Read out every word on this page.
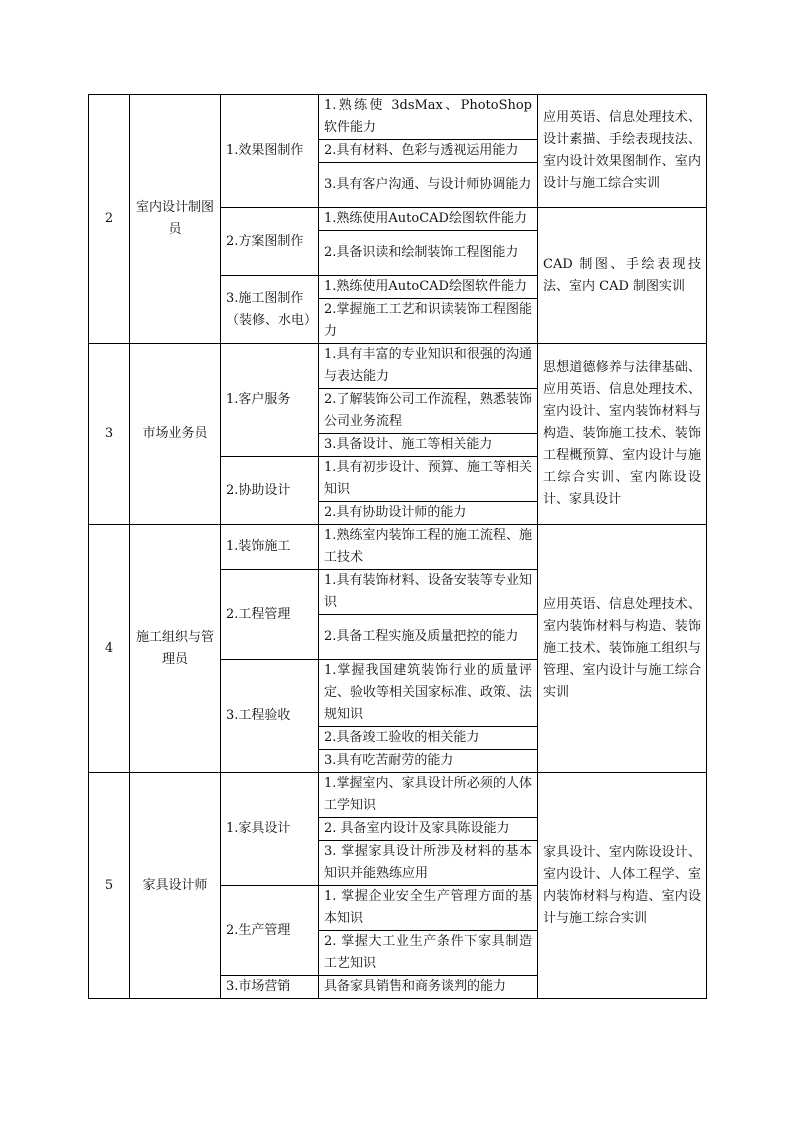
2	室内设计制图员	1.效果图制作	1.熟练使 3dsMax、PhotoShop 软件能力	应用英语、信息处理技术、设计素描、手绘表现技法、室内设计效果图制作、室内设计与施工综合实训
			2.具有材料、色彩与透视运用能力	
			3.具有客户沟通、与设计师协调能力	
		2.方案图制作	1.熟练使用AutoCAD绘图软件能力	CAD 制图、手绘表现技法、室内 CAD 制图实训
			2.具备识读和绘制装饰工程图能力	
		3.施工图制作（装修、水电）	1.熟练使用AutoCAD绘图软件能力	
			2.掌握施工工艺和识读装饰工程图能力	
3	市场业务员	1.客户服务	1.具有丰富的专业知识和很强的沟通与表达能力	思想道德修养与法律基础、应用英语、信息处理技术、室内设计、室内装饰材料与构造、装饰施工技术、装饰工程概预算、室内设计与施工综合实训、室内陈设设计、家具设计
			2.了解装饰公司工作流程，熟悉装饰公司业务流程	
			3.具备设计、施工等相关能力	
		2.协助设计	1.具有初步设计、预算、施工等相关知识	
			2.具有协助设计师的能力	
4	施工组织与管理员	1.装饰施工	1.熟练室内装饰工程的施工流程、施工技术	应用英语、信息处理技术、室内装饰材料与构造、装饰施工技术、装饰施工组织与管理、室内设计与施工综合实训
		2.工程管理	1.具有装饰材料、设备安装等专业知识	
			2.具备工程实施及质量把控的能力	
		3.工程验收	1.掌握我国建筑装饰行业的质量评定、验收等相关国家标准、政策、法规知识	
			2.具备竣工验收的相关能力	
			3.具有吃苦耐劳的能力	
5	家具设计师	1.家具设计	1.掌握室内、家具设计所必须的人体工学知识	家具设计、室内陈设设计、室内设计、人体工程学、室内装饰材料与构造、室内设计与施工综合实训
			2. 具备室内设计及家具陈设能力	
			3. 掌握家具设计所涉及材料的基本知识并能熟练应用	
		2.生产管理	1. 掌握企业安全生产管理方面的基本知识	
			2. 掌握大工业生产条件下家具制造工艺知识	
		3.市场营销	具备家具销售和商务谈判的能力	
